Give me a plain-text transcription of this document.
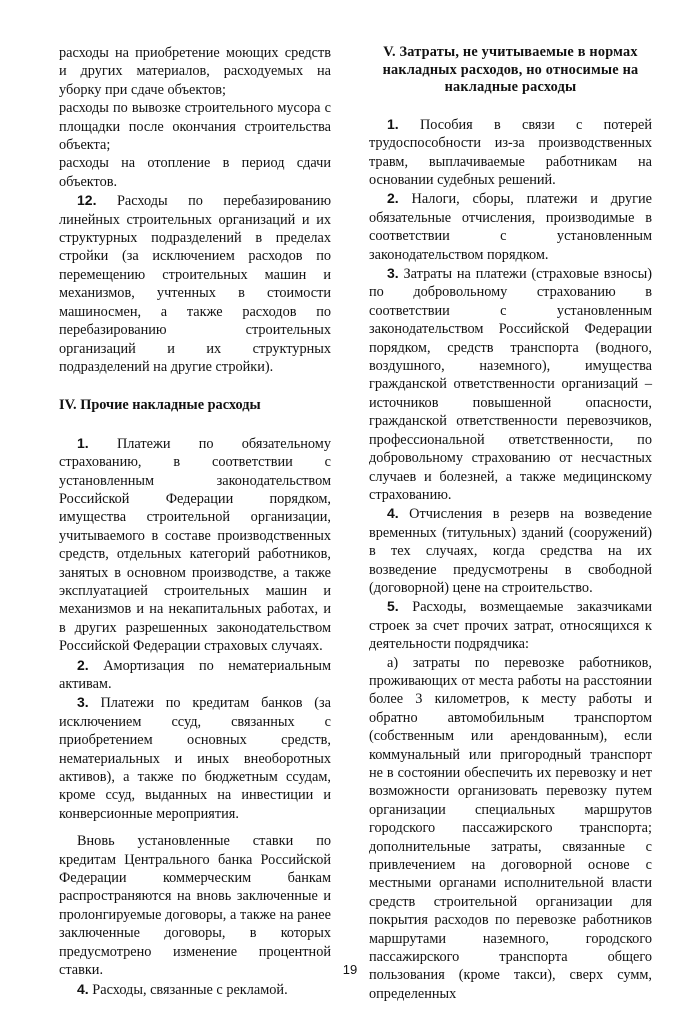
расходы на приобретение моющих средств и других материалов, расходуемых на уборку при сдаче объектов;

расходы по вывозке строительного мусора с площадки после окончания строительства объекта;

расходы на отопление в период сдачи объектов.

12. Расходы по перебазированию линейных строительных организаций и их структурных подразделений в пределах стройки (за исключением расходов по перемещению строительных машин и механизмов, учтенных в стоимости машиносмен, а также расходов по перебазированию строительных организаций и их структурных подразделений на другие стройки).

IV. Прочие накладные расходы

1. Платежи по обязательному страхованию, в соответствии с установленным законодательством Российской Федерации порядком, имущества строительной организации, учитываемого в составе производственных средств, отдельных категорий работников, занятых в основном производстве, а также эксплуатацией строительных машин и механизмов и на некапитальных работах, и в других разрешенных законодательством Российской Федерации страховых случаях.

2. Амортизация по нематериальным активам.

3. Платежи по кредитам банков (за исключением ссуд, связанных с приобретением основных средств, нематериальных и иных внеоборотных активов), а также по бюджетным ссудам, кроме ссуд, выданных на инвестиции и конверсионные мероприятия.

Вновь установленные ставки по кредитам Центрального банка Российской Федерации коммерческим банкам распространяются на вновь заключенные и пролонгируемые договоры, а также на ранее заключенные договоры, в которых предусмотрено изменение процентной ставки.

4. Расходы, связанные с рекламой.

V. Затраты, не учитываемые в нормах накладных расходов, но относимые на накладные расходы

1. Пособия в связи с потерей трудоспособности из-за производственных травм, выплачиваемые работникам на основании судебных решений.

2. Налоги, сборы, платежи и другие обязательные отчисления, производимые в соответствии с установленным законодательством порядком.

3. Затраты на платежи (страховые взносы) по добровольному страхованию в соответствии с установленным законодательством Российской Федерации порядком, средств транспорта (водного, воздушного, наземного), имущества гражданской ответственности организаций – источников повышенной опасности, гражданской ответственности перевозчиков, профессиональной ответственности, по добровольному страхованию от несчастных случаев и болезней, а также медицинскому страхованию.

4. Отчисления в резерв на возведение временных (титульных) зданий (сооружений) в тех случаях, когда средства на их возведение предусмотрены в свободной (договорной) цене на строительство.

5. Расходы, возмещаемые заказчиками строек за счет прочих затрат, относящихся к деятельности подрядчика:

а) затраты по перевозке работников, проживающих от места работы на расстоянии более 3 километров, к месту работы и обратно автомобильным транспортом (собственным или арендованным), если коммунальный или пригородный транспорт не в состоянии обеспечить их перевозку и нет возможности организовать перевозку путем организации специальных маршрутов городского пассажирского транспорта; дополнительные затраты, связанные с привлечением на договорной основе с местными органами исполнительной власти средств строительной организации для покрытия расходов по перевозке работников маршрутами наземного, городского пассажирского транспорта общего пользования (кроме такси), сверх сумм, определенных

19
